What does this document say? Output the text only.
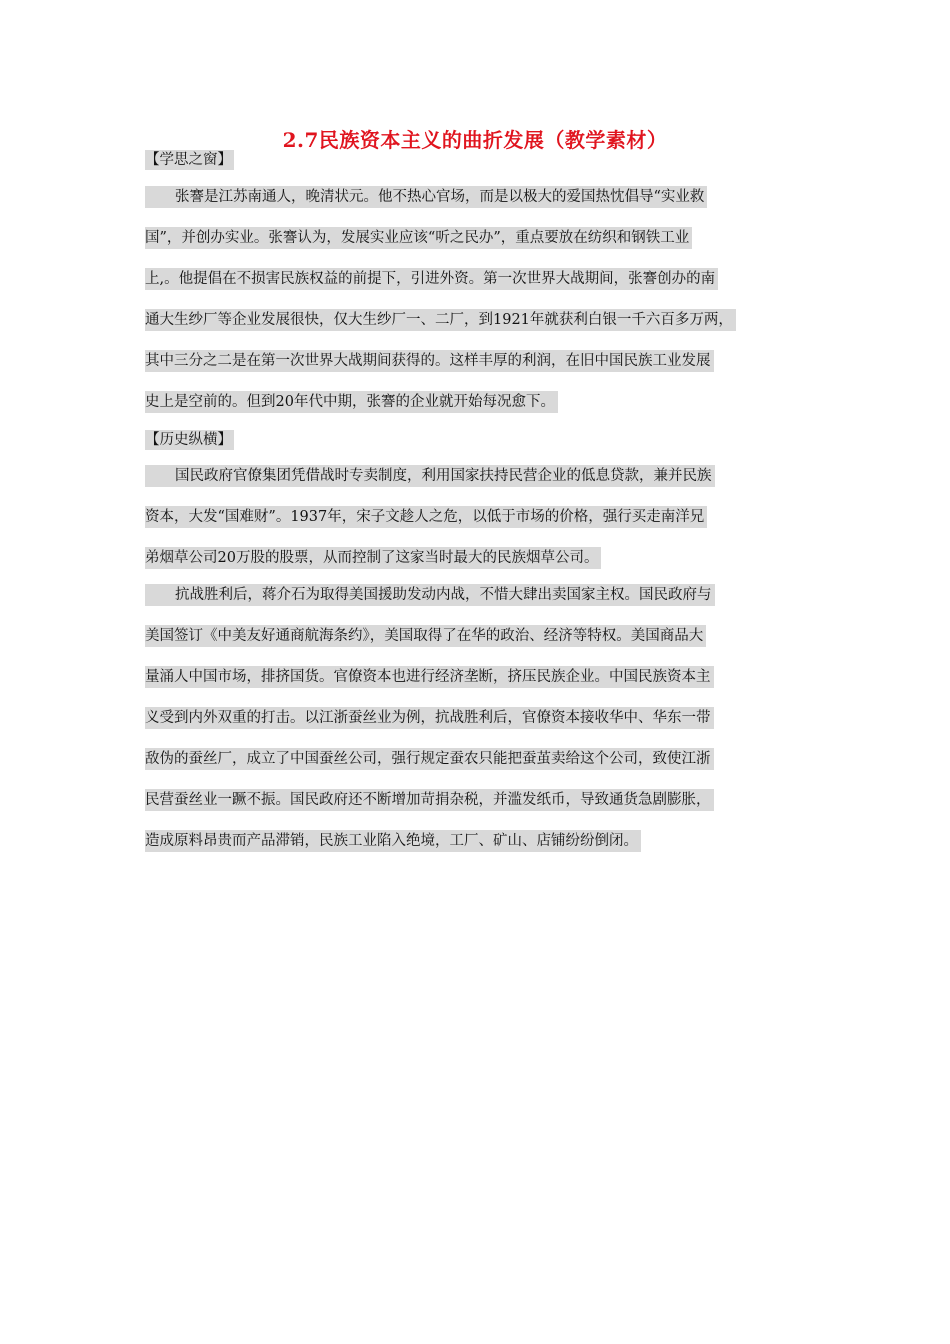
2.7民族资本主义的曲折发展（教学素材）
【学思之窗】
张謇是江苏南通人，晚清状元。他不热心官场，而是以极大的爱国热忱倡导“实业救
国”，并创办实业。张謇认为，发展实业应该“听之民办”，重点要放在纺织和钢铁工业
上,。他提倡在不损害民族权益的前提下，引进外资。第一次世界大战期间，张謇创办的南
通大生纱厂等企业发展很快，仅大生纱厂一、二厂，到1921年就获利白银一千六百多万两，
其中三分之二是在第一次世界大战期间获得的。这样丰厚的利润，在旧中国民族工业发展
史上是空前的。但到20年代中期，张謇的企业就开始每况愈下。
【历史纵横】
国民政府官僚集团凭借战时专卖制度，利用国家扶持民营企业的低息贷款，兼并民族
资本，大发“国难财”。1937年，宋子文趁人之危，以低于市场的价格，强行买走南洋兄
弟烟草公司20万股的股票，从而控制了这家当时最大的民族烟草公司。
抗战胜利后，蒋介石为取得美国援助发动内战，不惜大肆出卖国家主权。国民政府与
美国签订《中美友好通商航海条约》，美国取得了在华的政治、经济等特权。美国商品大
量涌人中国市场，排挤国货。官僚资本也进行经济垄断，挤压民族企业。中国民族资本主
义受到内外双重的打击。以江浙蚕丝业为例，抗战胜利后，官僚资本接收华中、华东一带
敌伪的蚕丝厂，成立了中国蚕丝公司，强行规定蚕农只能把蚕茧卖给这个公司，致使江浙
民营蚕丝业一蹶不振。国民政府还不断增加苛捐杂税，并滥发纸币，导致通货急剧膨胀，
造成原料昂贵而产品滞销，民族工业陷入绝境，工厂、矿山、店铺纷纷倒闭。
